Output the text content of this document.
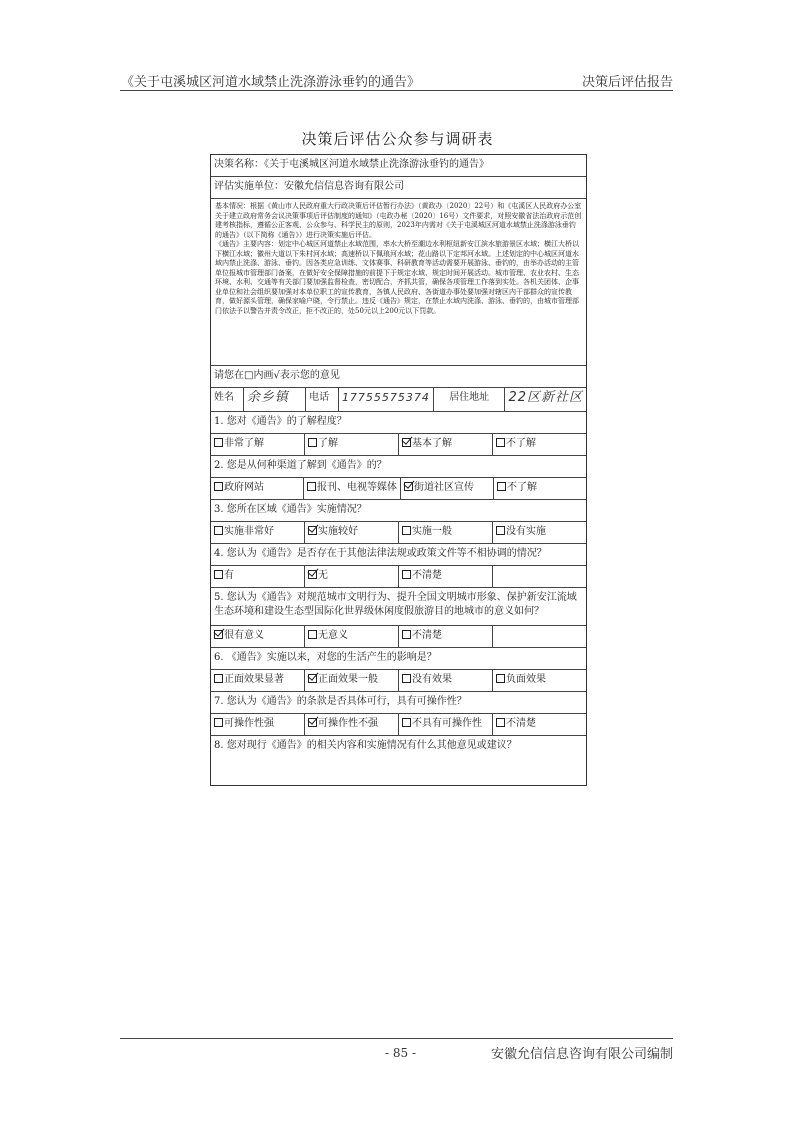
《关于屯溪城区河道水域禁止洗涤游泳垂钓的通告》	决策后评估报告
决策后评估公众参与调研表
决策名称：《关于屯溪城区河道水域禁止洗涤游泳垂钓的通告》
评估实施单位：安徽允信信息咨询有限公司

基本情况：根据《黄山市人民政府重大行政决策后评估暂行办法》（黄政办〔2020〕22号）和《屯溪区人民政府办公室关于建立政府常务会议决策事项后评估制度的通知》（屯政办秘〔2020〕16号）文件要求，对照安徽省法治政府示范创建考核指标，遵循公正客观、公众参与、科学民主的原则，2023年内需对《关于屯溪城区河道水域禁止洗涤游泳垂钓的通告》（以下简称《通告》）进行决策实施后评估。

《通告》主要内容：划定中心城区河道禁止水域范围，率水大桥至潮边水利枢纽新安江滨水旅游景区水域；横江大桥以下横江水域；徽州大道以下朱村河水域；高速桥以下佩琅河水域；花山路以下定邦河水域。上述划定的中心城区河道水域内禁止洗涤、游泳、垂钓。因各类应急训练、文体赛事、科研教育等活动需要开展游泳、垂钓的，由举办活动的主管单位报城市管理部门备案，在做好安全保障措施的前提下于规定水域、规定时间开展活动。城市管理、农业农村、生态环境、水利、交通等有关部门要加强监督检查，密切配合，齐抓共管，确保各项管理工作落到实处。各机关团体、企事业单位和社会组织要加强对本单位职工的宣传教育，各镇人民政府、各街道办事处要加强对辖区内干部群众的宣传教育，做好源头管理，确保家喻户晓，令行禁止。违反《通告》规定，在禁止水域内洗涤、游泳、垂钓的，由城市管理部门依法予以警告并责令改正，拒不改正的，处50元以上200元以下罚款。

请您在□内画√表示您的意见
姓名 余乡镇	电话	17755575374	居住地址	22区新社区
1. 您对《通告》的了解程度？
非常了解	了解	基本了解	不了解
2. 您是从何种渠道了解到《通告》的？
政府网站	报刊、电视等媒体	街道社区宣传	不了解
3. 您所在区域《通告》实施情况？
实施非常好	实施较好	实施一般	没有实施
4. 您认为《通告》是否存在于其他法律法规或政策文件等不相协调的情况？
有	无	不清楚
5. 您认为《通告》对规范城市文明行为、提升全国文明城市形象、保护新安江流域生态环境和建设生态型国际化世界级休闲度假旅游目的地城市的意义如何？
很有意义	无意义	不清楚
6. 《通告》实施以来，对您的生活产生的影响是？
正面效果显著	正面效果一般	没有效果	负面效果
7. 您认为《通告》的条款是否具体可行，具有可操作性？
可操作性强	可操作性不强	不具有可操作性	不清楚
8. 您对现行《通告》的相关内容和实施情况有什么其他意见或建议？
- 85 -	安徽允信信息咨询有限公司编制
